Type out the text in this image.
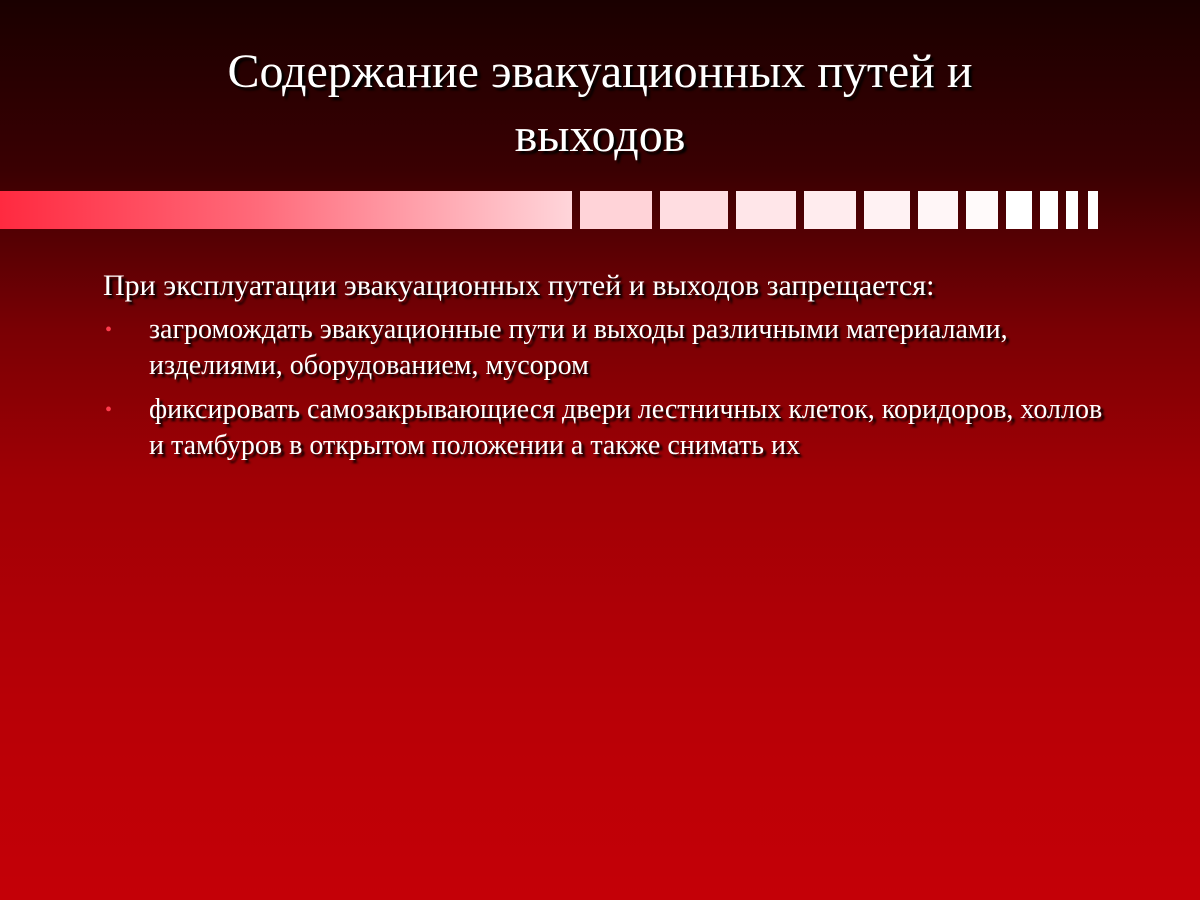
Содержание эвакуационных путей и
выходов

При эксплуатации эвакуационных путей и выходов запрещается:

• загромождать эвакуационные пути и выходы различными материалами, изделиями, оборудованием, мусором
• фиксировать самозакрывающиеся двери лестничных клеток, коридоров, холлов и тамбуров в открытом положении а также снимать их
